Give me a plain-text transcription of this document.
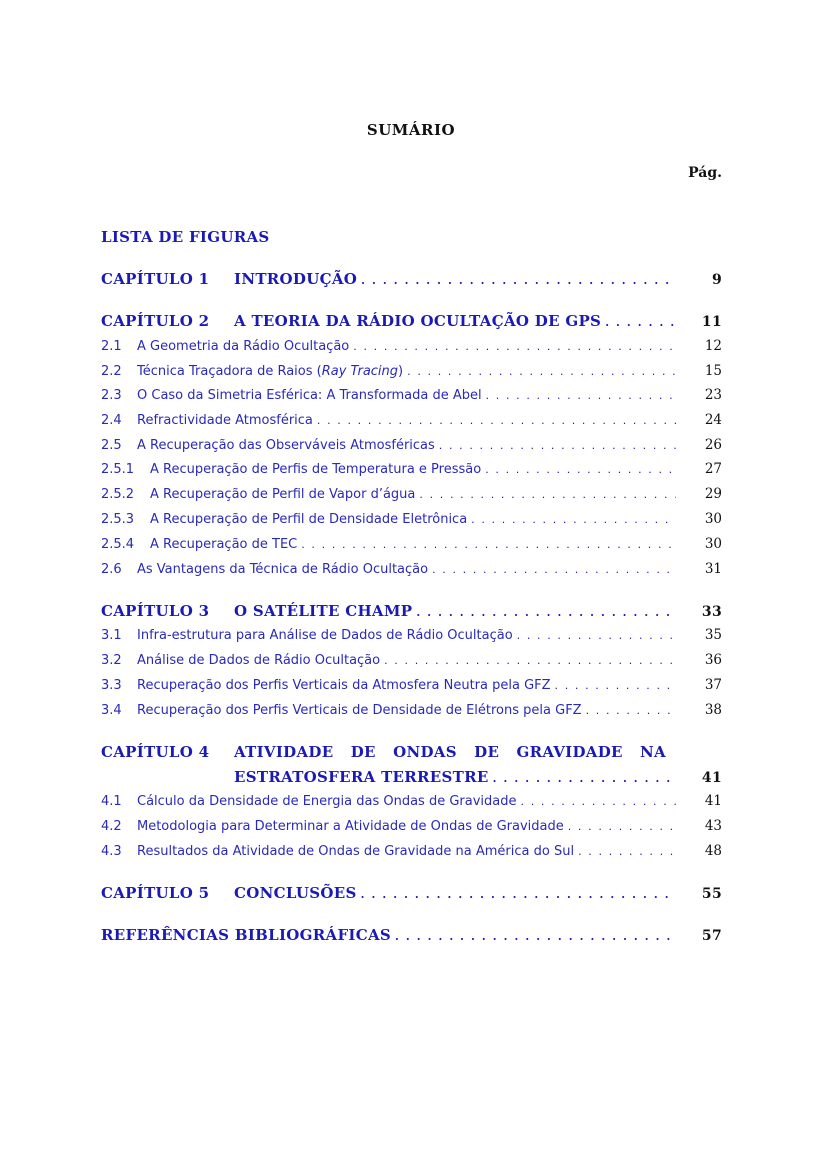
SUMÁRIO
Pág.
LISTA DE FIGURAS
CAPÍTULO 1	INTRODUÇÃO . . .	9
CAPÍTULO 2	A TEORIA DA RÁDIO OCULTAÇÃO DE GPS . . .	11
2.1	A Geometria da Rádio Ocultação . . .	12
2.2	Técnica Traçadora de Raios (Ray Tracing) . . .	15
2.3	O Caso da Simetria Esférica: A Transformada de Abel . . .	23
2.4	Refractividade Atmosférica . . .	24
2.5	A Recuperação das Observáveis Atmosféricas . . .	26
2.5.1	A Recuperação de Perfis de Temperatura e Pressão . . .	27
2.5.2	A Recuperação de Perfil de Vapor d’água . . .	29
2.5.3	A Recuperação de Perfil de Densidade Eletrônica . . .	30
2.5.4	A Recuperação de TEC . . .	30
2.6	As Vantagens da Técnica de Rádio Ocultação . . .	31
CAPÍTULO 3	O SATÉLITE CHAMP . . .	33
3.1	Infra-estrutura para Análise de Dados de Rádio Ocultação . . .	35
3.2	Análise de Dados de Rádio Ocultação . . .	36
3.3	Recuperação dos Perfis Verticais da Atmosfera Neutra pela GFZ . . .	37
3.4	Recuperação dos Perfis Verticais de Densidade de Elétrons pela GFZ . . .	38
CAPÍTULO 4	ATIVIDADE DE ONDAS DE GRAVIDADE NA
ESTRATOSFERA TERRESTRE . . .	41
4.1	Cálculo da Densidade de Energia das Ondas de Gravidade . . .	41
4.2	Metodologia para Determinar a Atividade de Ondas de Gravidade . . .	43
4.3	Resultados da Atividade de Ondas de Gravidade na América do Sul . . .	48
CAPÍTULO 5	CONCLUSÕES . . .	55
REFERÊNCIAS BIBLIOGRÁFICAS . . .	57
